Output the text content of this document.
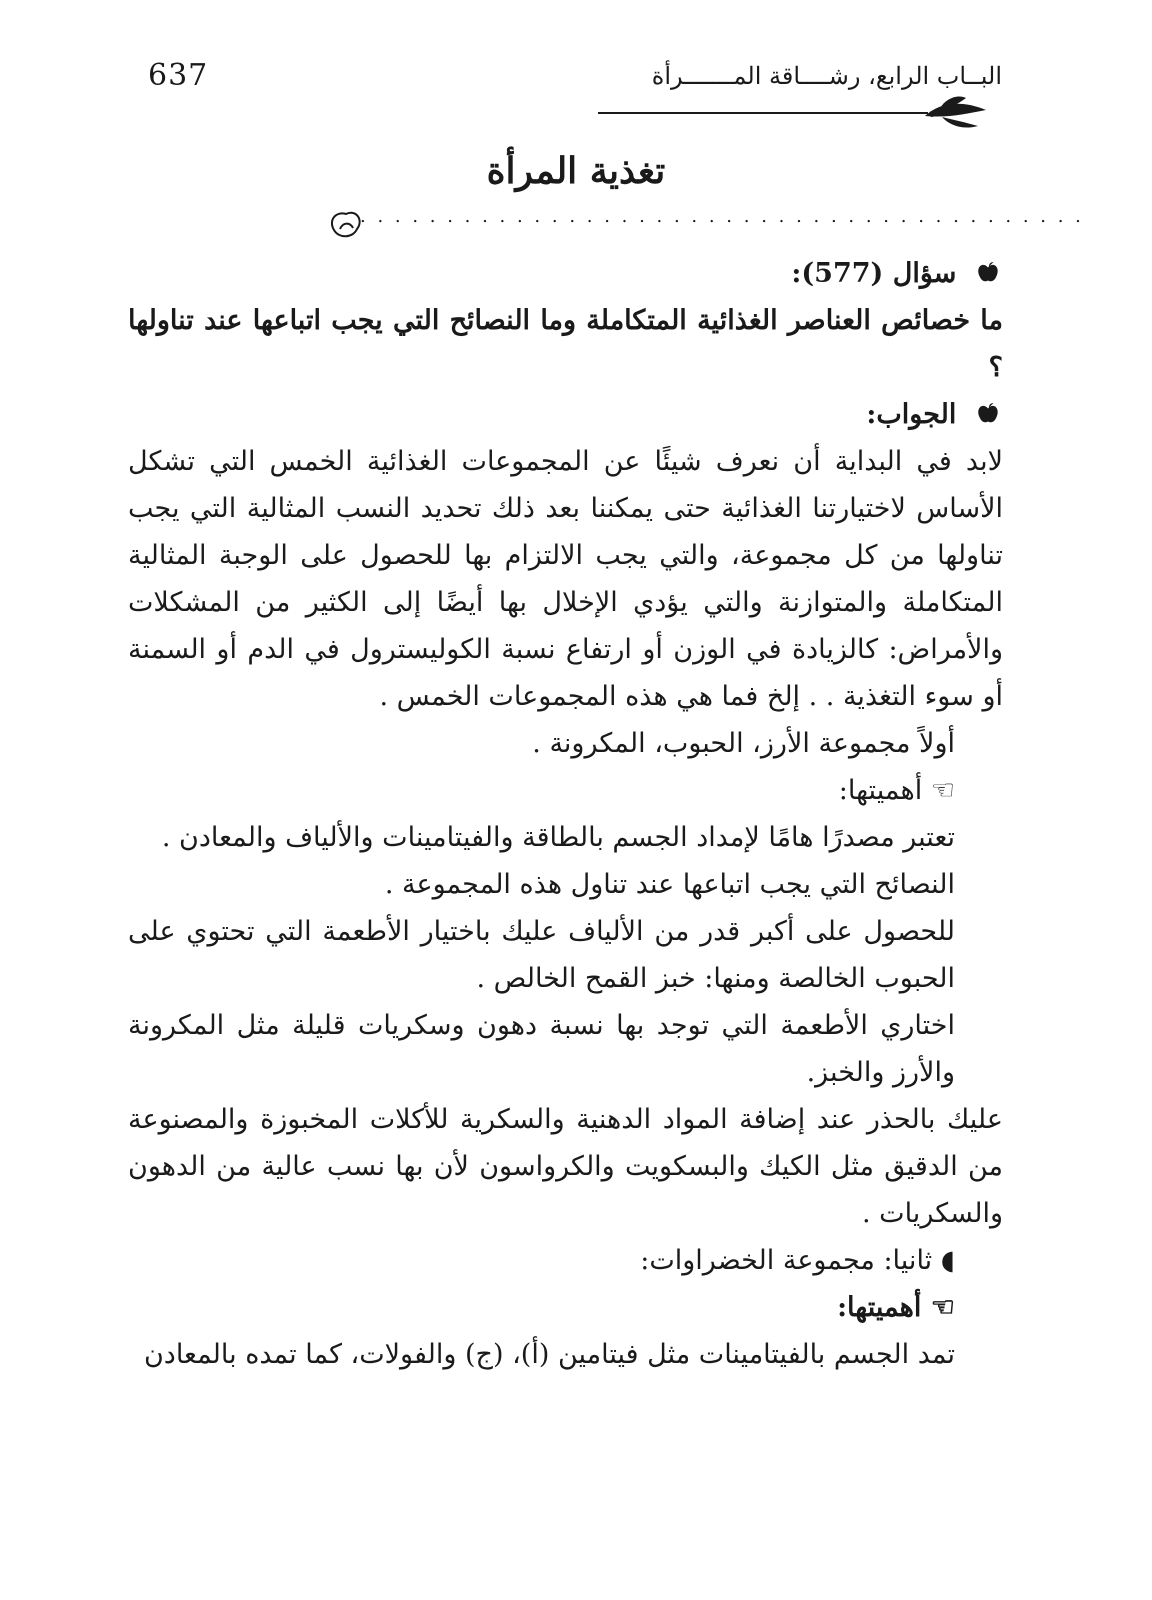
637	البــاب الرابع، رشــــاقة المـــــــرأة
تغذية المرأة
. . . . . . . . . . . . . . . . . . . . . . . . . . . . . . . . . . . . . . . . . .

سؤال (577):

ما خصائص العناصر الغذائية المتكاملة وما النصائح التي يجب اتباعها عند تناولها ؟

الجواب:

لابد في البداية أن نعرف شيئًا عن المجموعات الغذائية الخمس التي تشكل الأساس لاختيارتنا الغذائية حتى يمكننا بعد ذلك تحديد النسب المثالية التي يجب تناولها من كل مجموعة، والتي يجب الالتزام بها للحصول على الوجبة المثالية المتكاملة والمتوازنة والتي يؤدي الإخلال بها أيضًا إلى الكثير من المشكلات والأمراض: كالزيادة في الوزن أو ارتفاع نسبة الكوليسترول في الدم أو السمنة أو سوء التغذية . . إلخ فما هي هذه المجموعات الخمس .

أولاً مجموعة الأرز، الحبوب، المكرونة .

☜ أهميتها:

تعتبر مصدرًا هامًا لإمداد الجسم بالطاقة والفيتامينات والألياف والمعادن .

النصائح التي يجب اتباعها عند تناول هذه المجموعة .

للحصول على أكبر قدر من الألياف عليك باختيار الأطعمة التي تحتوي على الحبوب الخالصة ومنها: خبز القمح الخالص .

اختاري الأطعمة التي توجد بها نسبة دهون وسكريات قليلة مثل المكرونة والأرز والخبز.

عليك بالحذر عند إضافة المواد الدهنية والسكرية للأكلات المخبوزة والمصنوعة من الدقيق مثل الكيك والبسكويت والكرواسون لأن بها نسب عالية من الدهون والسكريات .

◖ ثانيا: مجموعة الخضراوات:

☜ أهميتها:

تمد الجسم بالفيتامينات مثل فيتامين (أ)، (ج) والفولات، كما تمده بالمعادن
